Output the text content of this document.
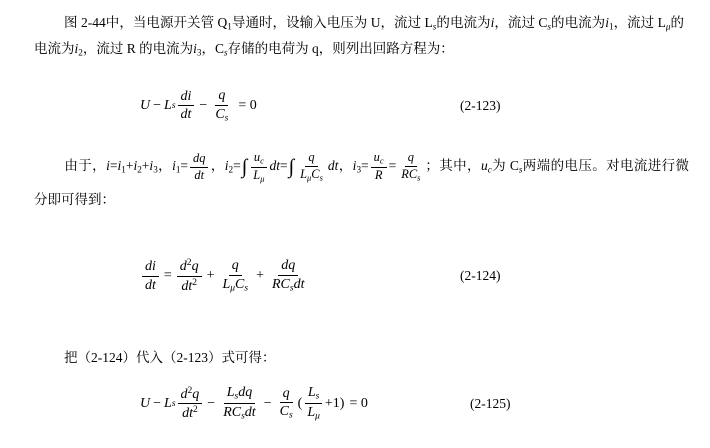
图 2-44中，当电源开关管 Q1导通时，设输入电压为 U，流过 $L_s$的电流为i，流过 $C_s$的电流为i1，流过 $L_\mu$的电流为i2，流过 R 的电流为i3，$C_s$存储的电荷为 q，则列出回路方程为：
U − L s $\frac{di}{dt} - \frac{q}{C_s} = 0$	(2-123)
由于，i=i1+i2+i3，$i1= \frac{dq}{dt}$ ，$i2=\int \frac{u_c}{L_\mu} dt=\int \frac{q}{L_\mu C_s}$ dt，$i3= \frac{u_c}{R} = \frac{q}{RC_s}$ ；其中，$u_c$为 $C_s$两端的电压。对电流进行微分即可得到：
$\frac{di}{dt} = \frac{d^2q}{dt^2} + \frac{q}{L_\mu C_s} + \frac{dq}{RC_sdt}$	(2-124)
把（2-124）代入（2-123）式可得：
U − L s $\frac{d^2q}{dt^2} - \frac{L_sdq}{RC_sdt} - \frac{q}{C_s}$ ( $\frac{L_s}{L_\mu} +1$ ) = 0	(2-125)
